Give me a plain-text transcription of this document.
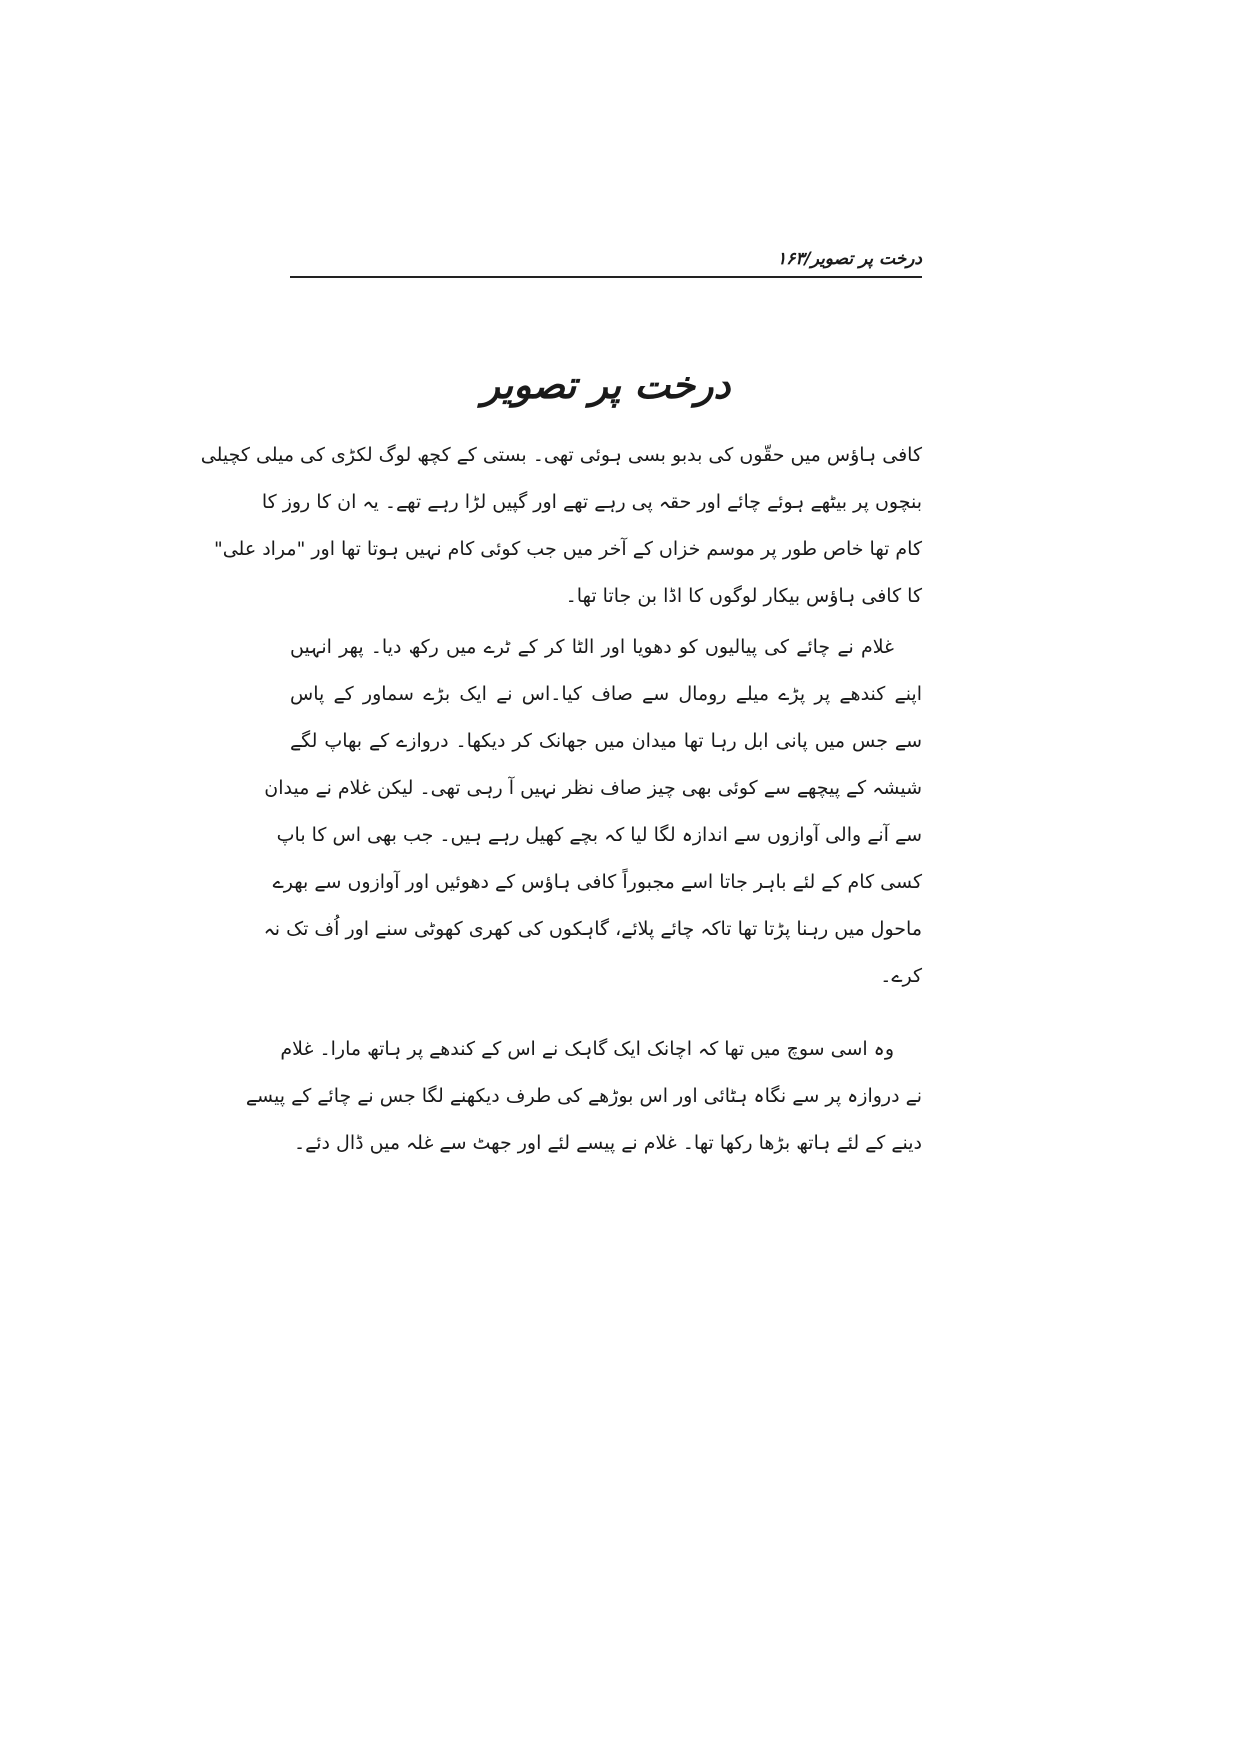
درخت پر تصویر/۱۶۳
درخت پر تصویر

کافی ہاؤس میں حقّوں کی بدبو بسی ہوئی تھی۔ بستی کے کچھ لوگ لکڑی کی میلی کچیلی
بنچوں پر بیٹھے ہوئے چائے اور حقہ پی رہے تھے اور گپیں لڑا رہے تھے۔ یہ ان کا روز کا
کام تھا خاص طور پر موسم خزاں کے آخر میں جب کوئی کام نہیں ہوتا تھا اور "مراد علی"
کا کافی ہاؤس بیکار لوگوں کا اڈا بن جاتا تھا۔

غلام نے چائے کی پیالیوں کو دھویا اور الٹا کر کے ٹرے میں رکھ دیا۔ پھر انہیں
اپنے کندھے پر پڑے میلے رومال سے صاف کیا۔اس نے ایک بڑے سماور کے پاس
سے جس میں پانی ابل رہا تھا میدان میں جھانک کر دیکھا۔ دروازے کے بھاپ لگے
شیشہ کے پیچھے سے کوئی بھی چیز صاف نظر نہیں آ رہی تھی۔ لیکن غلام نے میدان
سے آنے والی آوازوں سے اندازہ لگا لیا کہ بچے کھیل رہے ہیں۔ جب بھی اس کا باپ
کسی کام کے لئے باہر جاتا اسے مجبوراً کافی ہاؤس کے دھوئیں اور آوازوں سے بھرے
ماحول میں رہنا پڑتا تھا تاکہ چائے پلائے، گاہکوں کی کھری کھوٹی سنے اور اُف تک نہ
کرے۔

وہ اسی سوچ میں تھا کہ اچانک ایک گاہک نے اس کے کندھے پر ہاتھ مارا۔ غلام
نے دروازہ پر سے نگاہ ہٹائی اور اس بوڑھے کی طرف دیکھنے لگا جس نے چائے کے پیسے
دینے کے لئے ہاتھ بڑھا رکھا تھا۔ غلام نے پیسے لئے اور جھٹ سے غلہ میں ڈال دئے۔
